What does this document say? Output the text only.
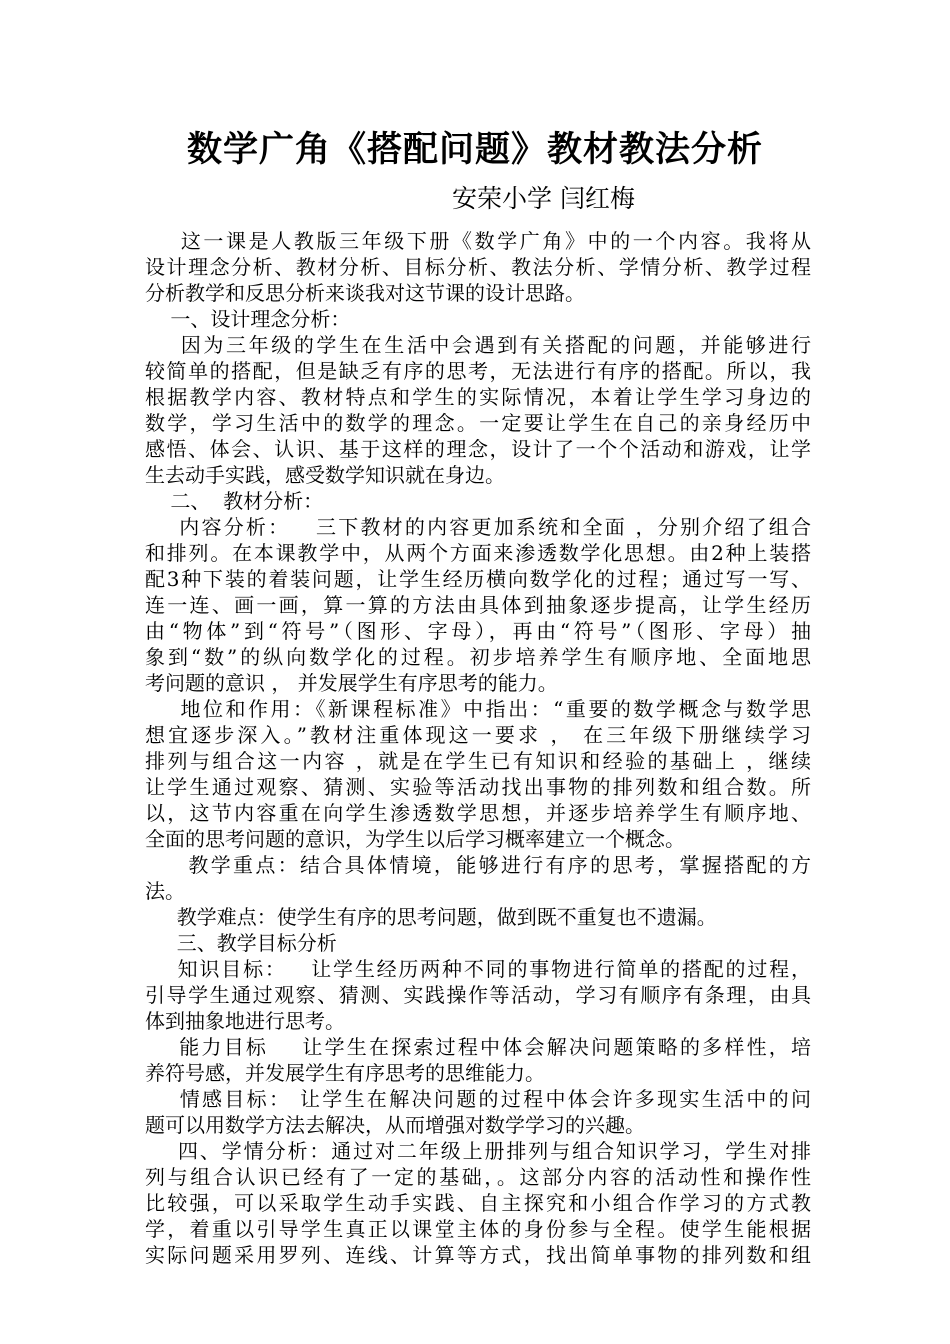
数学广角《搭配问题》教材教法分析
安荣小学 闫红梅
这一课是人教版三年级下册《数学广角》中的一个内容。我将从
设计理念分析、教材分析、目标分析、教法分析、学情分析、教学过程
分析教学和反思分析来谈我对这节课的设计思路。
一、设计理念分析：
因为三年级的学生在生活中会遇到有关搭配的问题，并能够进行
较简单的搭配，但是缺乏有序的思考，无法进行有序的搭配。所以，我
根据教学内容、教材特点和学生的实际情况，本着让学生学习身边的
数学，学习生活中的数学的理念。一定要让学生在自己的亲身经历中
感悟、体会、认识、基于这样的理念，设计了一个个活动和游戏，让学
生去动手实践，感受数学知识就在身边。
二、  教材分析：
内容分析：   三下教材的内容更加系统和全面 ，分别介绍了组合
和排列。在本课教学中，从两个方面来渗透数学化思想。由2种上装搭
配3种下装的着装问题，让学生经历横向数学化的过程；通过写一写、
连一连、画一画，算一算的方法由具体到抽象逐步提高，让学生经历
由“物体”到“符号”（图形、字母），再由“符号”（图形、字母）抽
象到“数”的纵向数学化的过程。初步培养学生有顺序地、全面地思
考问题的意识 ， 并发展学生有序思考的能力。
地位和作用：《新课程标准》中指出：“重要的数学概念与数学思
想宜逐步深入。”教材注重体现这一要求 ， 在三年级下册继续学习
排列与组合这一内容 ，就是在学生已有知识和经验的基础上 ，继续
让学生通过观察、猜测、实验等活动找出事物的排列数和组合数。所
以，这节内容重在向学生渗透数学思想，并逐步培养学生有顺序地、
全面的思考问题的意识，为学生以后学习概率建立一个概念。
教学重点：结合具体情境，能够进行有序的思考，掌握搭配的方
法。
教学难点：使学生有序的思考问题，做到既不重复也不遗漏。
三、教学目标分析
知识目标：   让学生经历两种不同的事物进行简单的搭配的过程，
引导学生通过观察、猜测、实践操作等活动，学习有顺序有条理，由具
体到抽象地进行思考。
能力目标    让学生在探索过程中体会解决问题策略的多样性，培
养符号感，并发展学生有序思考的思维能力。
情感目标： 让学生在解决问题的过程中体会许多现实生活中的问
题可以用数学方法去解决，从而增强对数学学习的兴趣。
四、学情分析：通过对二年级上册排列与组合知识学习，学生对排
列与组合认识已经有了一定的基础，。这部分内容的活动性和操作性
比较强，可以采取学生动手实践、自主探究和小组合作学习的方式教
学，着重以引导学生真正以课堂主体的身份参与全程。使学生能根据
实际问题采用罗列、连线、计算等方式，找出简单事物的排列数和组
